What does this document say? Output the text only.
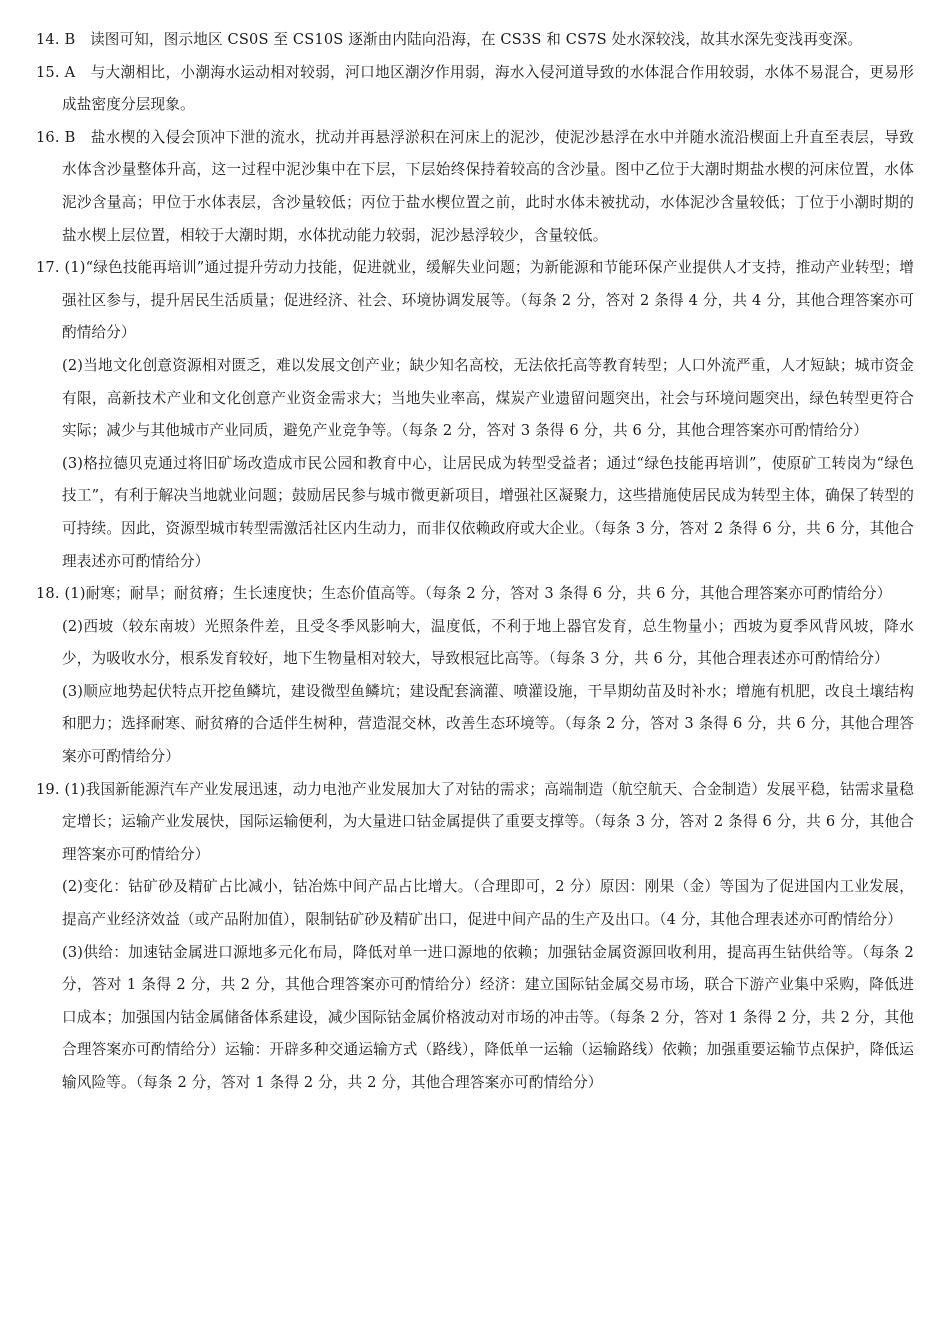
14. B　读图可知，图示地区 CS0S 至 CS10S 逐渐由内陆向沿海，在 CS3S 和 CS7S 处水深较浅，故其水深先变浅再变深。
15. A　与大潮相比，小潮海水运动相对较弱，河口地区潮汐作用弱，海水入侵河道导致的水体混合作用较弱，水体不易混合，更易形成盐密度分层现象。
16. B　盐水楔的入侵会顶冲下泄的流水，扰动并再悬浮淤积在河床上的泥沙，使泥沙悬浮在水中并随水流沿楔面上升直至表层，导致水体含沙量整体升高，这一过程中泥沙集中在下层，下层始终保持着较高的含沙量。图中乙位于大潮时期盐水楔的河床位置，水体泥沙含量高；甲位于水体表层，含沙量较低；丙位于盐水楔位置之前，此时水体未被扰动，水体泥沙含量较低；丁位于小潮时期的盐水楔上层位置，相较于大潮时期，水体扰动能力较弱，泥沙悬浮较少，含量较低。
17. (1)“绿色技能再培训”通过提升劳动力技能，促进就业，缓解失业问题；为新能源和节能环保产业提供人才支持，推动产业转型；增强社区参与，提升居民生活质量；促进经济、社会、环境协调发展等。（每条 2 分，答对 2 条得 4 分，共 4 分，其他合理答案亦可酌情给分）
(2)当地文化创意资源相对匮乏，难以发展文创产业；缺少知名高校，无法依托高等教育转型；人口外流严重，人才短缺；城市资金有限，高新技术产业和文化创意产业资金需求大；当地失业率高，煤炭产业遗留问题突出，社会与环境问题突出，绿色转型更符合实际；减少与其他城市产业同质，避免产业竞争等。（每条 2 分，答对 3 条得 6 分，共 6 分，其他合理答案亦可酌情给分）
(3)格拉德贝克通过将旧矿场改造成市民公园和教育中心，让居民成为转型受益者；通过“绿色技能再培训”，使原矿工转岗为“绿色技工”，有利于解决当地就业问题；鼓励居民参与城市微更新项目，增强社区凝聚力，这些措施使居民成为转型主体，确保了转型的可持续。因此，资源型城市转型需激活社区内生动力，而非仅依赖政府或大企业。（每条 3 分，答对 2 条得 6 分，共 6 分，其他合理表述亦可酌情给分）
18. (1)耐寒；耐旱；耐贫瘠；生长速度快；生态价值高等。（每条 2 分，答对 3 条得 6 分，共 6 分，其他合理答案亦可酌情给分）
(2)西坡（较东南坡）光照条件差，且受冬季风影响大，温度低，不利于地上器官发育，总生物量小；西坡为夏季风背风坡，降水少，为吸收水分，根系发育较好，地下生物量相对较大，导致根冠比高等。（每条 3 分，共 6 分，其他合理表述亦可酌情给分）
(3)顺应地势起伏特点开挖鱼鳞坑，建设微型鱼鳞坑；建设配套滴灌、喷灌设施，干旱期幼苗及时补水；增施有机肥，改良土壤结构和肥力；选择耐寒、耐贫瘠的合适伴生树种，营造混交林，改善生态环境等。（每条 2 分，答对 3 条得 6 分，共 6 分，其他合理答案亦可酌情给分）
19. (1)我国新能源汽车产业发展迅速，动力电池产业发展加大了对钴的需求；高端制造（航空航天、合金制造）发展平稳，钴需求量稳定增长；运输产业发展快，国际运输便利，为大量进口钴金属提供了重要支撑等。（每条 3 分，答对 2 条得 6 分，共 6 分，其他合理答案亦可酌情给分）
(2)变化：钴矿砂及精矿占比减小，钴冶炼中间产品占比增大。（合理即可，2 分）原因：刚果（金）等国为了促进国内工业发展，提高产业经济效益（或产品附加值），限制钴矿砂及精矿出口，促进中间产品的生产及出口。（4 分，其他合理表述亦可酌情给分）
(3)供给：加速钴金属进口源地多元化布局，降低对单一进口源地的依赖；加强钴金属资源回收利用，提高再生钴供给等。（每条 2 分，答对 1 条得 2 分，共 2 分，其他合理答案亦可酌情给分）经济：建立国际钴金属交易市场，联合下游产业集中采购，降低进口成本；加强国内钴金属储备体系建设，减少国际钴金属价格波动对市场的冲击等。（每条 2 分，答对 1 条得 2 分，共 2 分，其他合理答案亦可酌情给分）运输：开辟多种交通运输方式（路线），降低单一运输（运输路线）依赖；加强重要运输节点保护，降低运输风险等。（每条 2 分，答对 1 条得 2 分，共 2 分，其他合理答案亦可酌情给分）
